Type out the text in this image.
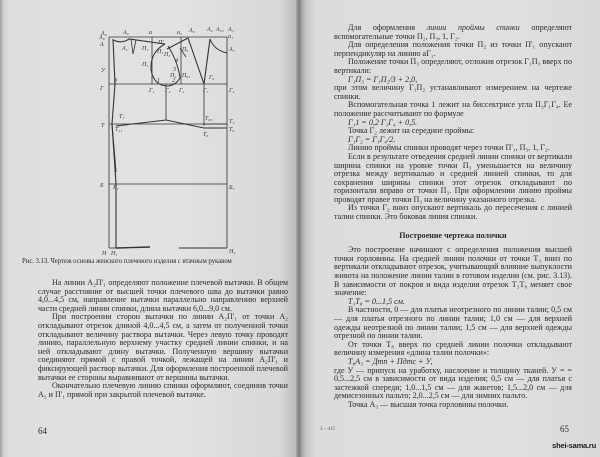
A₀	A₂	a	a₂ A₉ A₄ A₃₁ A₃
A₀
A
A₁ П₂
П'₁
П₁ П₅
П₆
a₁
A₅
У
П₃
3
4
П₄ П₆₁
1 2	Г₆
Г
3
Г₁ Г₂ Г₄	Г₇	Г₃
Т₁
Т
Т₁₁
Т₆₀	Т₃
Т₈
Т₆
Б Б₁	Б₃
Н Н₁	Н₃
Рис. 3.13. Чертеж основы женского плечевого изделия с втачным рукавом

На линии А₂П'₁ определяют положение плечевой вытачки. В общем случае расстояние от высшей точки плечевого шва до вытачки равно 4,0...4,5 см, направление вытачки параллельно направлению верхней части средней линии спинки, длина вытачки 6,0...9,0 см.

При построении сторон вытачки по линии А₂П'₁ от точки А₂ откладывают отрезок длиной 4,0...4,5 см, а затем от полученной точки откладывают величину раствора вытачки. Через левую точку проводят линию, параллельную верхнему участку средней линии спинки, и на ней откладывают длину вытачки. Полученную вершину вытачки соединяют прямой с правой точкой, лежащей на линии А₂П'₁ и фиксирующей раствор вытачки. Для оформления построенной плечевой вытачки ее стороны выравнивают от вершины вытачки.

Окончательно плечевую линию спинки оформляют, соединив точки А₂ и П'₁ прямой при закрытой плечевой вытачке.

64

Для оформления линии проймы спинки определяют вспомогательные точки П₂, П₃, 1, Г₂.

Для определения положения точки П₂ из точки П'₁ опускают перпендикуляр на линию аГ₁.

Положение точки П₃ определяют, отложив отрезок Г₁П₃ вверх по вертикали:

Г₁П₃ = Г₁П₂/3 + 2,0,

при этом величину Г₁П₂ устанавливают измерением на чертеже спинки.

Вспомогательная точка 1 лежит на биссектрисе угла П₃Г₁Г₄. Ее положение рассчитывают по формуле

Г₁1 = 0,2 Г₁Г₄ + 0,5.

Точка Г₂ лежит на середине проймы:

Г₁Г₂ = Г₁Г₄/2.

Линию проймы спинки проводят через точки П'₁, П₃, 1, Г₂.

Если в результате отведения средней линии спинки от вертикали ширина спинки на уровне точки П₃ уменьшается на величину отрезка между вертикалью и средней линией спинки, то для сохранения ширины спинки этот отрезок откладывают по горизонтали вправо от точки П₃. При оформлении линию проймы проводят правее точки П₃ на величину указанного отрезка.

Из точки Г₂ вниз опускают вертикаль до пересечения с линией талии спинки. Это боковая линия спинки.

Построение чертежа полочки

Это построение начинают с определения положения высшей точки горловины. На средней линии полочки от точки Т₃ вниз по вертикали откладывают отрезок, учитывающий влияние выпуклости живота на положение линии талии в готовом изделии (см. рис. 3.13). В зависимости от покроя и вида изделия отрезок Т₃Т₈ меняет свое значение:

Т₃Т₈ = 0...1,5 см.

В частности, 0 — для платья неотрезного по линии талии; 0,5 см — для платья отрезного по линии талии; 1,0 см — для верхней одежды неотрезной по линии талии; 1,5 см — для верхней одежды отрезной по линии талии.

От точки Т₈ вверх по средней линии полочки откладывают величину измерения «длина талии полочки»:

Т₈А₃ = Дтп + Пдтс + У,

где У — припуск на уработку, наслоение и толщину тканей. У = = 0,5...2,5 см в зависимости от вида изделия; 0,5 см — для платья с застежкой спереди; 1,0...1,5 см — для жакетов; 1,5...2,0 см — для демисезонных пальто; 2,0...2,5 см — для зимних пальто.

Точка А₃ — высшая точка горловины полочки.

3 – 415	65
shei-sama.ru
